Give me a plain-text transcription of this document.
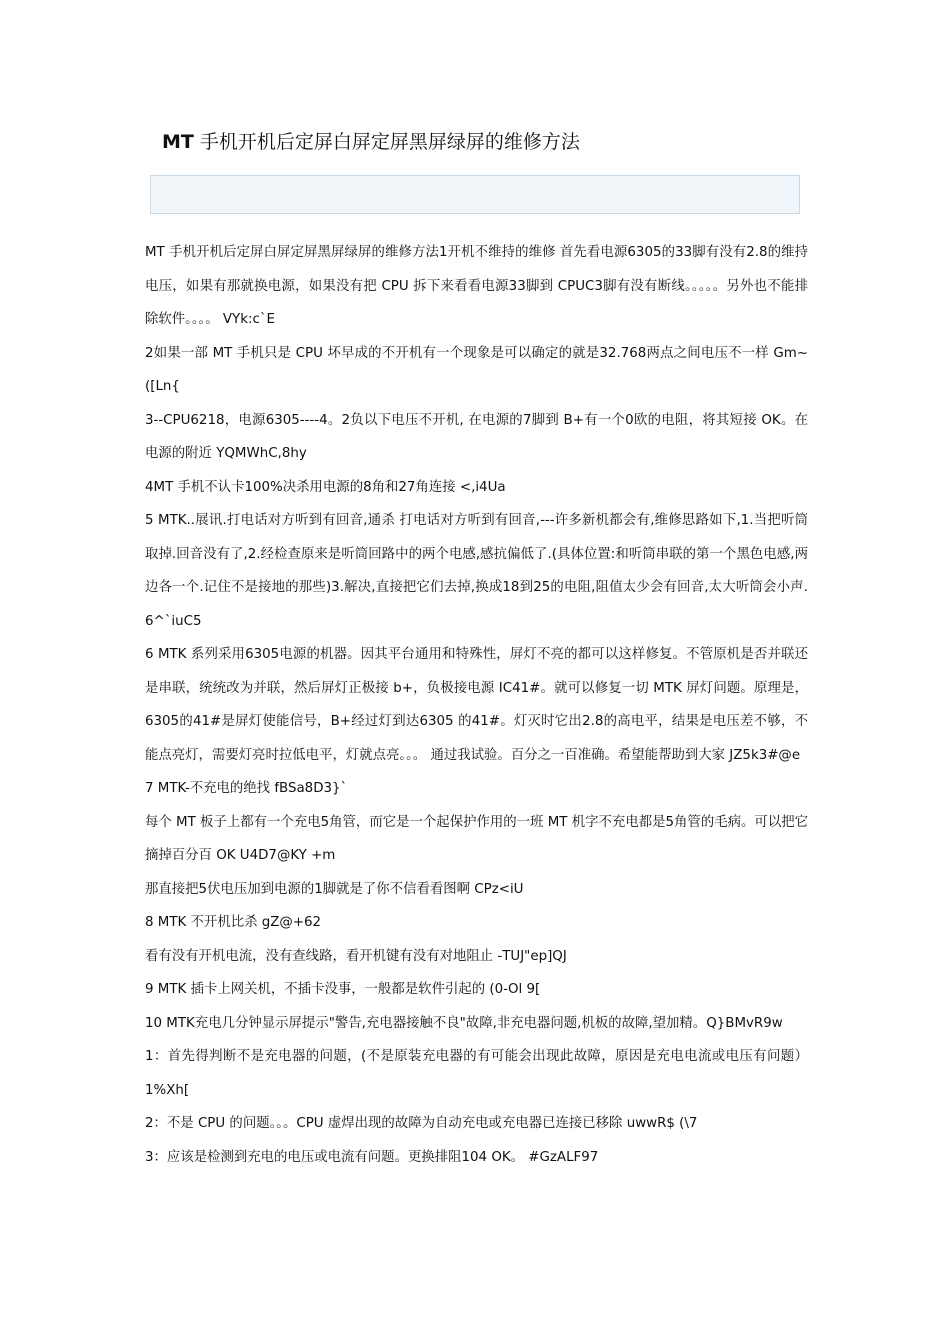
MT 手机开机后定屏白屏定屏黑屏绿屏的维修方法

MT 手机开机后定屏白屏定屏黑屏绿屏的维修方法1开机不维持的维修 首先看电源6305的33脚有没有2.8的维持电压，如果有那就换电源，如果没有把 CPU 拆下来看看电源33脚到 CPUC3脚有没有断线。。。。。另外也不能排除软件。。。。 VYk:c`E

2如果一部 MT 手机只是 CPU 坏早成的不开机有一个现象是可以确定的就是32.768两点之间电压不一样 Gm~([Ln{

3--CPU6218，电源6305----4。2负以下电压不开机, 在电源的7脚到 B+有一个0欧的电阻，将其短接 OK。在电源的附近 YQMWhC,8hy

4MT 手机不认卡100%决杀用电源的8角和27角连接 <,i4Ua

5 MTK..展讯.打电话对方听到有回音,通杀 打电话对方听到有回音,---许多新机都会有,维修思路如下,1.当把听筒取掉.回音没有了,2.经检查原来是听筒回路中的两个电感,感抗偏低了.(具体位置:和听筒串联的第一个黑色电感,两边各一个.记住不是接地的那些)3.解决,直接把它们去掉,换成18到25的电阻,阻值太少会有回音,太大听筒会小声. 6^`iuC5

6 MTK 系列采用6305电源的机器。因其平台通用和特殊性，屏灯不亮的都可以这样修复。不管原机是否并联还是串联，统统改为并联，然后屏灯正极接 b+，负极接电源 IC41#。就可以修复一切 MTK 屏灯问题。原理是，6305的41#是屏灯使能信号，B+经过灯到达6305 的41#。灯灭时它出2.8的高电平，结果是电压差不够，不能点亮灯，需要灯亮时拉低电平，灯就点亮。。。 通过我试验。百分之一百准确。希望能帮助到大家 JZ5k3#@e

7 MTK-不充电的绝找 fBSa8D3}`

每个 MT 板子上都有一个充电5角管，而它是一个起保护作用的一班 MT 机字不充电都是5角管的毛病。可以把它摘掉百分百 OK U4D7@KY +m

那直接把5伏电压加到电源的1脚就是了你不信看看图啊 CPz<iU

8 MTK 不开机比杀 gZ@+62

看有没有开机电流，没有查线路，看开机键有没有对地阻止 -TUJ"ep]QJ

9 MTK 插卡上网关机，不插卡没事，一般都是软件引起的 (0-Ol 9[

10 MTK充电几分钟显示屏提示"警告,充电器接触不良"故障,非充电器问题,机板的故障,望加精。Q}BMvR9w

1：首先得判断不是充电器的问题，(不是原装充电器的有可能会出现此故障，原因是充电电流或电压有问题） 1%Xh[

2：不是 CPU 的问题。。。CPU 虚焊出现的故障为自动充电或充电器已连接已移除 uwwR$ (\7

3：应该是检测到充电的电压或电流有问题。更换排阻104 OK。 #GzALF97
